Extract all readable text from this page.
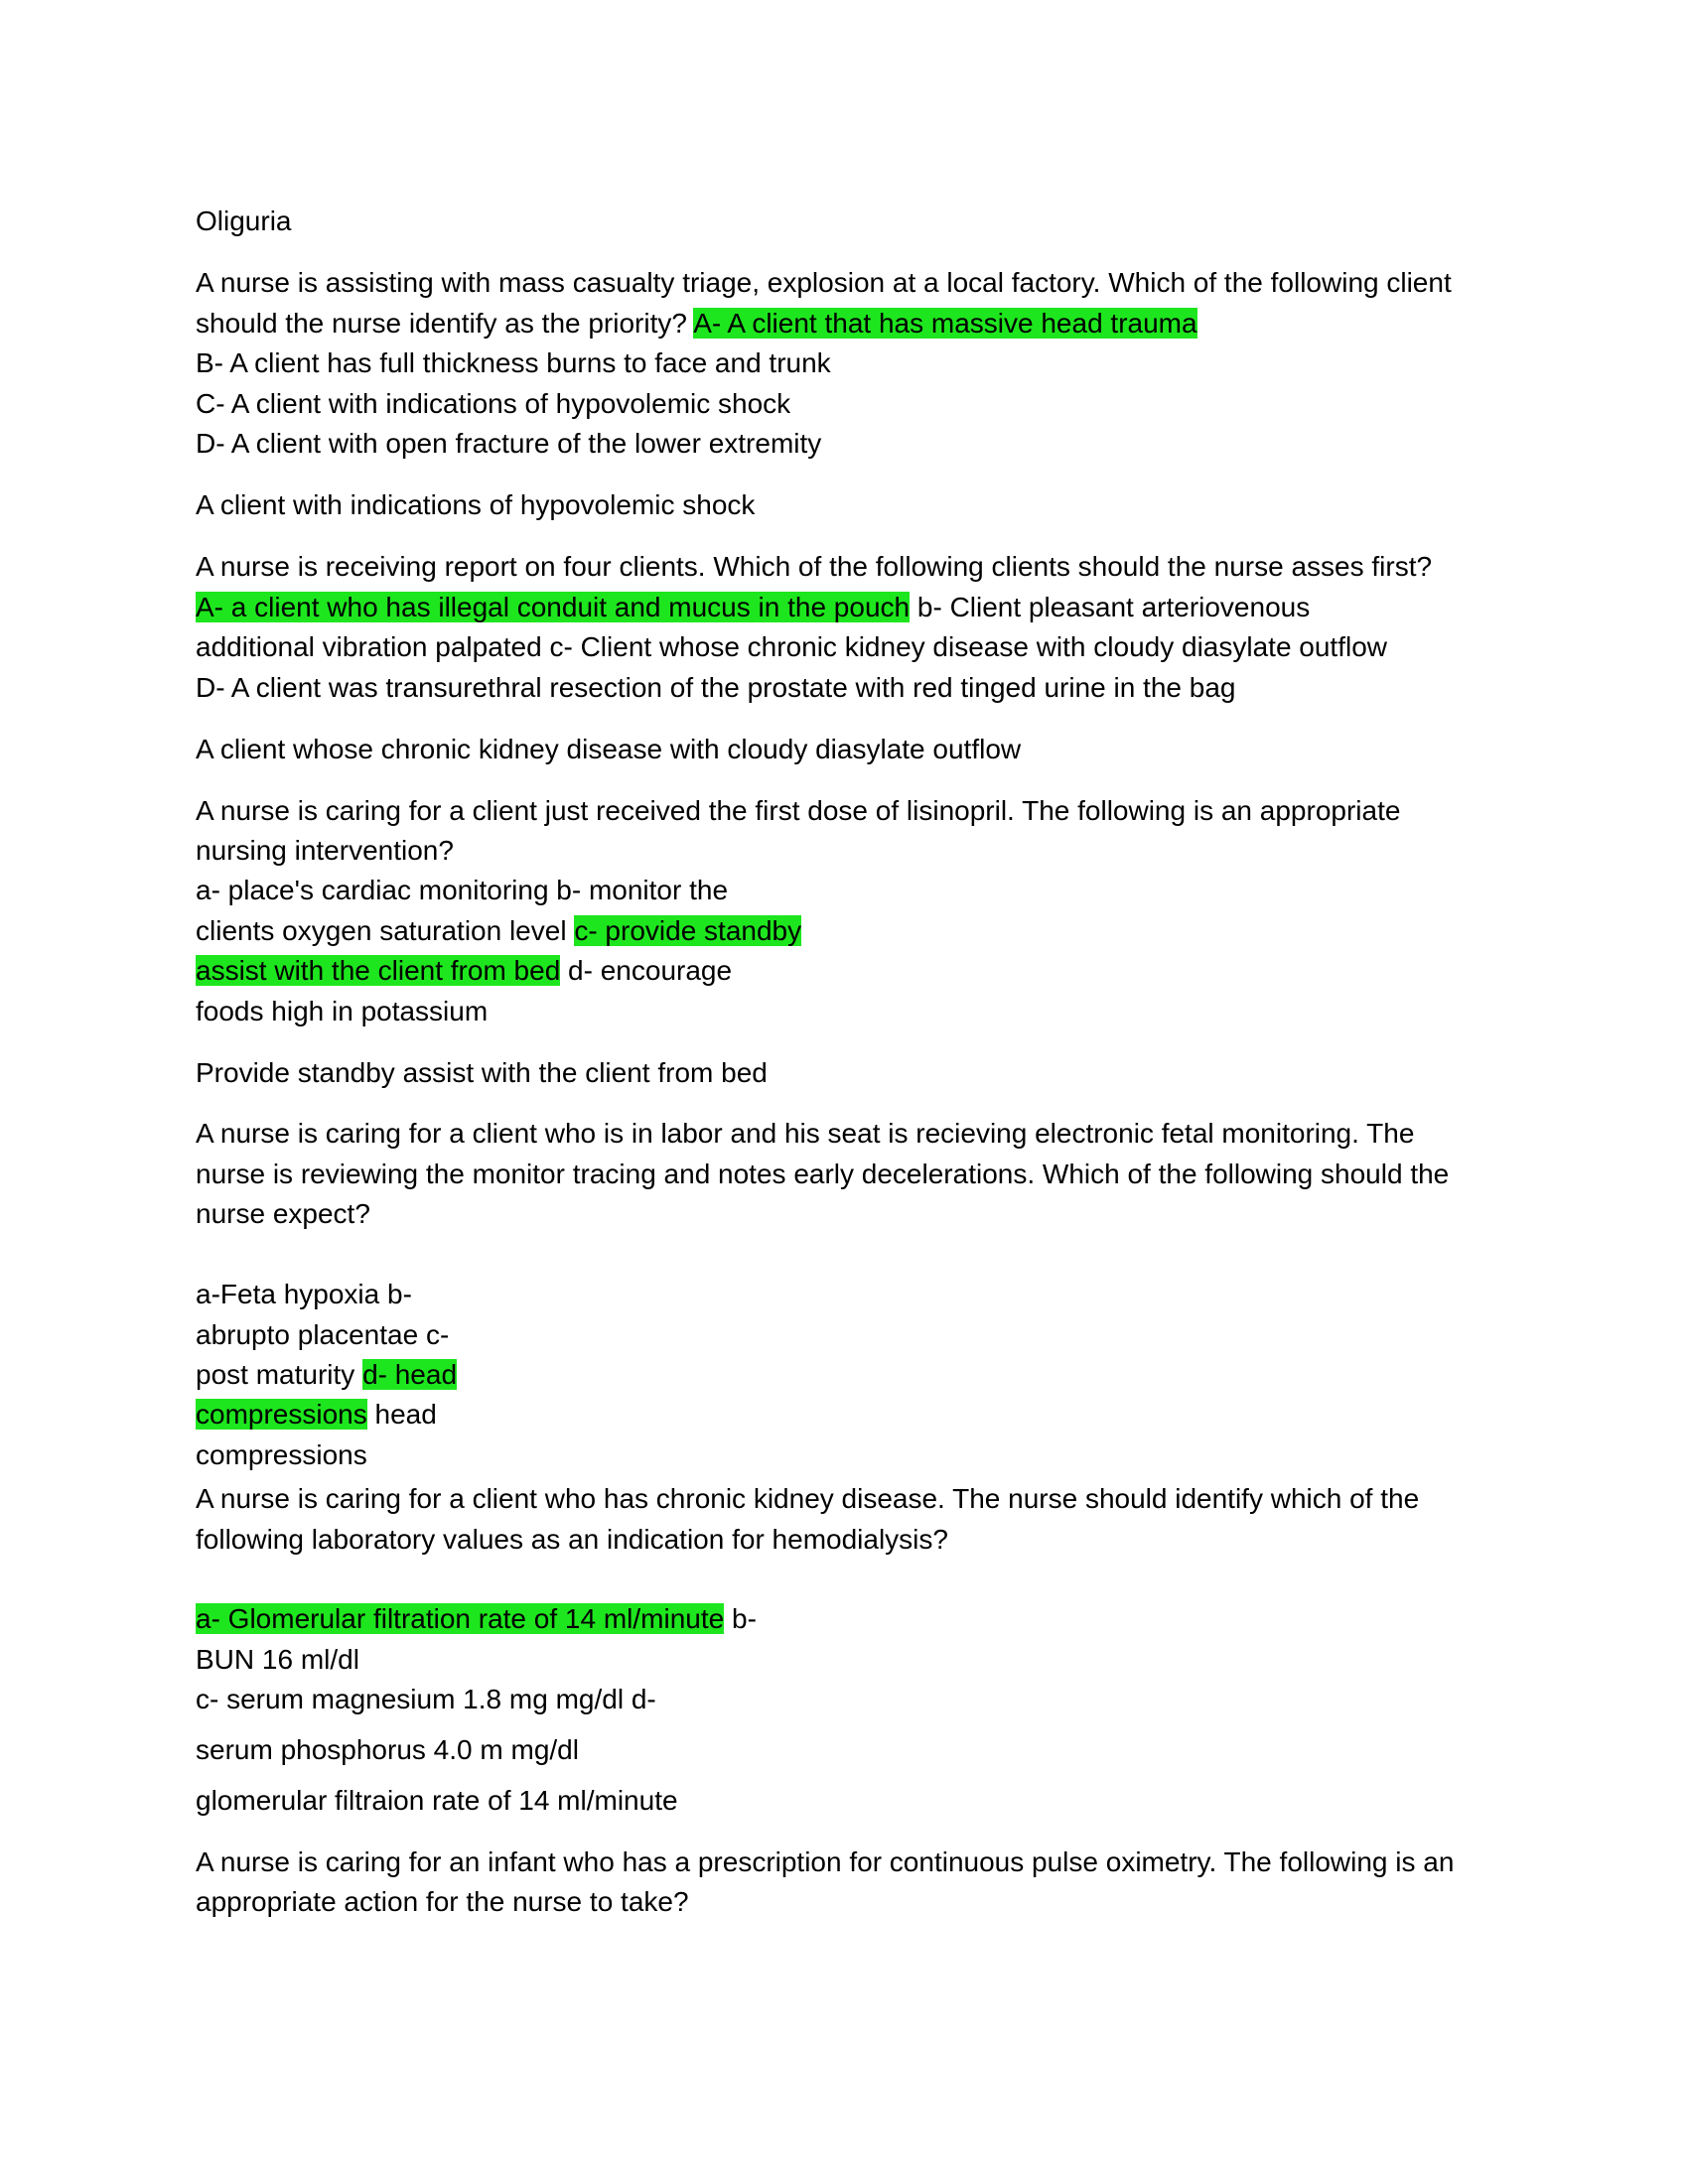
Oliguria
A nurse is assisting with mass casualty triage, explosion at a local factory. Which of the following client
should the nurse identify as the priority? A- A client that has massive head trauma
B- A client has full thickness burns to face and trunk
C- A client with indications of hypovolemic shock
D- A client with open fracture of the lower extremity
A client with indications of hypovolemic shock
A nurse is receiving report on four clients. Which of the following clients should the nurse asses first?
A- a client who has illegal conduit and mucus in the pouch b- Client pleasant arteriovenous
additional vibration palpated c- Client whose chronic kidney disease with cloudy diasylate outflow
D- A client was transurethral resection of the prostate with red tinged urine in the bag
A client whose chronic kidney disease with cloudy diasylate outflow
A nurse is caring for a client just received the first dose of lisinopril. The following is an appropriate
nursing intervention?
a- place's cardiac monitoring b- monitor the
clients oxygen saturation level c- provide standby
assist with the client from bed d- encourage
foods high in potassium
Provide standby assist with the client from bed
A nurse is caring for a client who is in labor and his seat is recieving electronic fetal monitoring. The
nurse is reviewing the monitor tracing and notes early decelerations. Which of the following should the
nurse expect?
a-Feta hypoxia b-
abrupto placentae c-
post maturity d- head
compressions head
compressions
A nurse is caring for a client who has chronic kidney disease. The nurse should identify which of the
following laboratory values as an indication for hemodialysis?
a- Glomerular filtration rate of 14 ml/minute b-
BUN 16 ml/dl
c- serum magnesium 1.8 mg mg/dl d-
serum phosphorus 4.0 m mg/dl
glomerular filtraion rate of 14 ml/minute
A nurse is caring for an infant who has a prescription for continuous pulse oximetry. The following is an
appropriate action for the nurse to take?
